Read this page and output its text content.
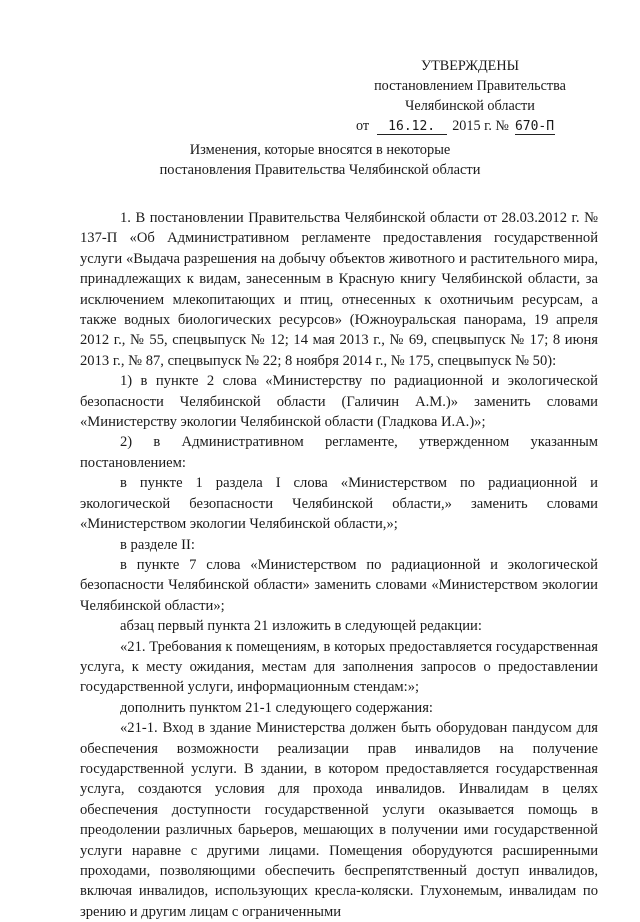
УТВЕРЖДЕНЫ
постановлением Правительства
Челябинской области
от 16.12. 2015 г. № 670-П
Изменения, которые вносятся в некоторые
постановления Правительства Челябинской области

1. В постановлении Правительства Челябинской области от 28.03.2012 г. № 137-П «Об Административном регламенте предоставления государственной услуги «Выдача разрешения на добычу объектов животного и растительного мира, принадлежащих к видам, занесенным в Красную книгу Челябинской области, за исключением млекопитающих и птиц, отнесенных к охотничьим ресурсам, а также водных биологических ресурсов» (Южноуральская панорама, 19 апреля 2012 г., № 55, спецвыпуск № 12; 14 мая 2013 г., № 69, спецвыпуск № 17; 8 июня 2013 г., № 87, спецвыпуск № 22; 8 ноября 2014 г., № 175, спецвыпуск № 50):

1) в пункте 2 слова «Министерству по радиационной и экологической безопасности Челябинской области (Галичин А.М.)» заменить словами «Министерству экологии Челябинской области (Гладкова И.А.)»;

2) в Административном регламенте, утвержденном указанным постановлением:

в пункте 1 раздела I слова «Министерством по радиационной и экологической безопасности Челябинской области,» заменить словами «Министерством экологии Челябинской области,»;

в разделе II:

в пункте 7 слова «Министерством по радиационной и экологической безопасности Челябинской области» заменить словами «Министерством экологии Челябинской области»;

абзац первый пункта 21 изложить в следующей редакции:

«21. Требования к помещениям, в которых предоставляется государственная услуга, к месту ожидания, местам для заполнения запросов о предоставлении государственной услуги, информационным стендам:»;

дополнить пунктом 21-1 следующего содержания:

«21-1. Вход в здание Министерства должен быть оборудован пандусом для обеспечения возможности реализации прав инвалидов на получение государственной услуги. В здании, в котором предоставляется государственная услуга, создаются условия для прохода инвалидов. Инвалидам в целях обеспечения доступности государственной услуги оказывается помощь в преодолении различных барьеров, мешающих в получении ими государственной услуги наравне с другими лицами. Помещения оборудуются расширенными проходами, позволяющими обеспечить беспрепятственный доступ инвалидов, включая инвалидов, использующих кресла-коляски. Глухонемым, инвалидам по зрению и другим лицам с ограниченными
